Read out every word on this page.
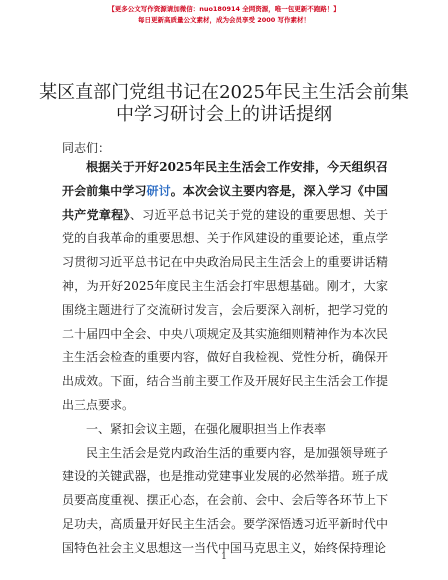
【更多公文写作资源请加微信：nuo180914 全网资源，唯一包更新不跑路！】
每日更新高质量公文素材，成为会员享受 2000 写作素材！
某区直部门党组书记在2025年民主生活会前集
中学习研讨会上的讲话提纲
同志们：

根据关于开好2025年民主生活会工作安排，今天组织召开会前集中学习研讨。本次会议主要内容是，深入学习《中国共产党章程》、习近平总书记关于党的建设的重要思想、关于党的自我革命的重要思想、关于作风建设的重要论述，重点学习贯彻习近平总书记在中央政治局民主生活会上的重要讲话精神，为开好2025年度民主生活会打牢思想基础。刚才，大家围绕主题进行了交流研讨发言，会后要深入剖析，把学习党的二十届四中全会、中央八项规定及其实施细则精神作为本次民主生活会检查的重要内容，做好自我检视、党性分析，确保开出成效。下面，结合当前主要工作及开展好民主生活会工作提出三点要求。

一、紧扣会议主题，在强化履职担当上作表率

民主生活会是党内政治生活的重要内容，是加强领导班子建设的关键武器，也是推动党建事业发展的必然举措。班子成员要高度重视、摆正心态，在会前、会中、会后等各环节上下足功夫，高质量开好民主生活会。要学深悟透习近平新时代中国特色社会主义思想这一当代中国马克思主义，始终保持理论

1
